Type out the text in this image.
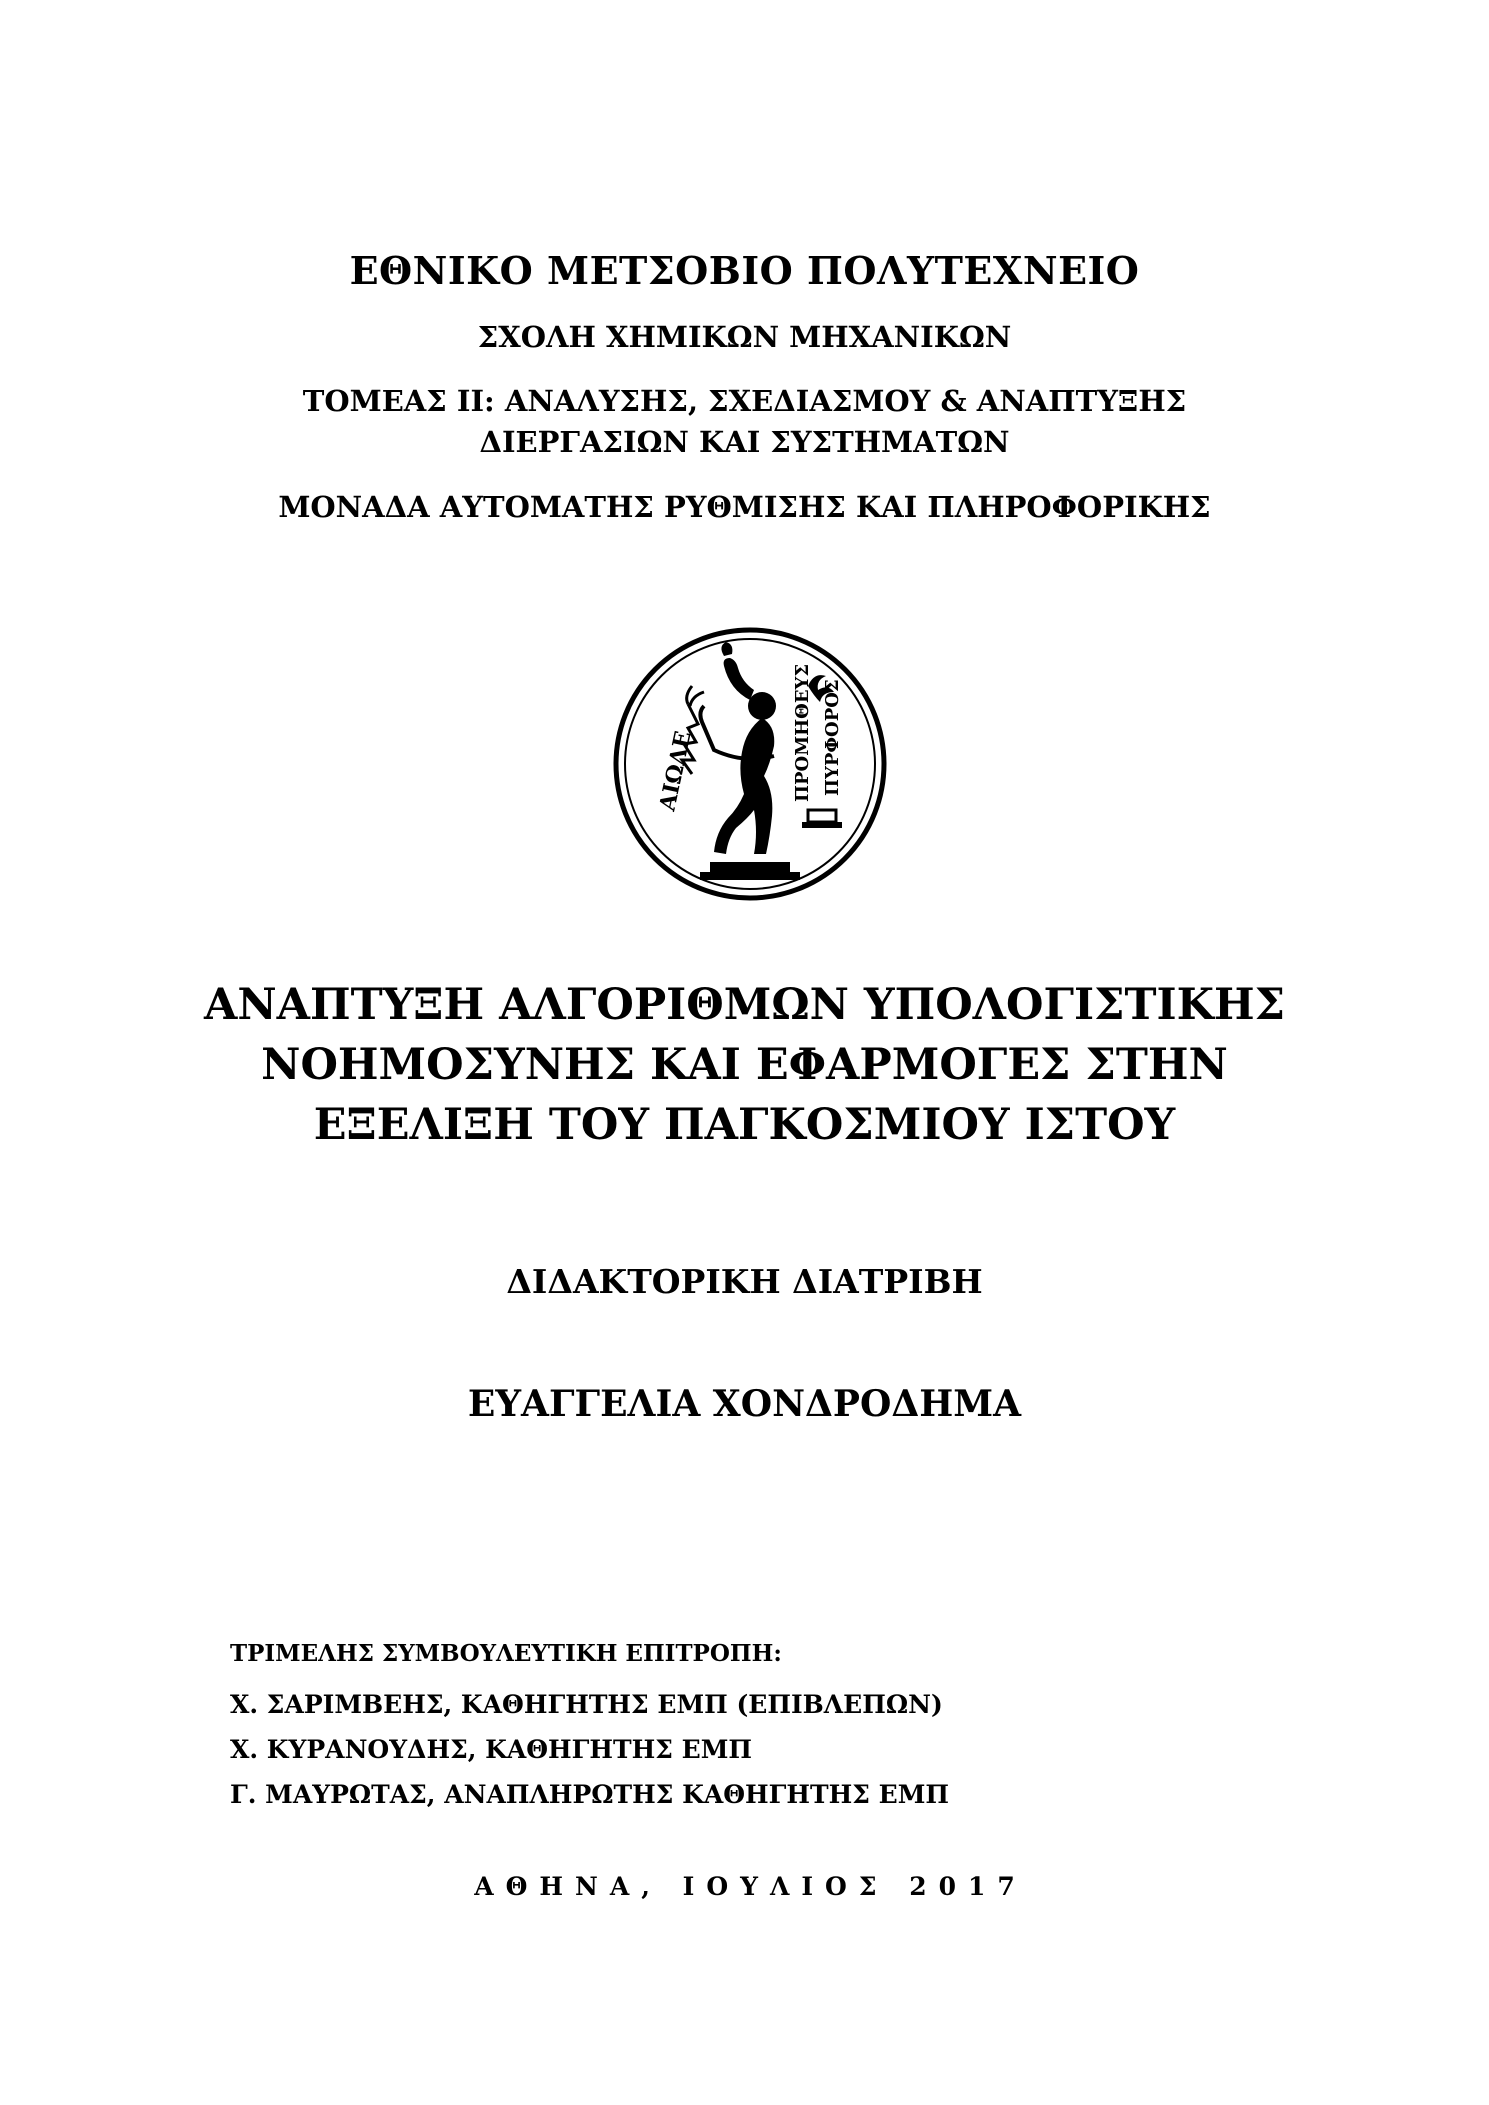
ΕΘΝΙΚΟ ΜΕΤΣΟΒΙΟ ΠΟΛΥΤΕΧΝΕΙΟ
ΣΧΟΛΗ ΧΗΜΙΚΩΝ ΜΗΧΑΝΙΚΩΝ
ΤΟΜΕΑΣ ΙΙ: ΑΝΑΛΥΣΗΣ, ΣΧΕΔΙΑΣΜΟΥ & ΑΝΑΠΤΥΞΗΣ
ΔΙΕΡΓΑΣΙΩΝ ΚΑΙ ΣΥΣΤΗΜΑΤΩΝ
ΜΟΝΑΔΑ ΑΥΤΟΜΑΤΗΣ ΡΥΘΜΙΣΗΣ ΚΑΙ ΠΛΗΡΟΦΟΡΙΚΗΣ
ΑΙΩΛΕ	ΠΡΟΜΗΘΕΥΣ ΠΥΡΦΟΡΟΣ
ΑΝΑΠΤΥΞΗ ΑΛΓΟΡΙΘΜΩΝ ΥΠΟΛΟΓΙΣΤΙΚΗΣ
ΝΟΗΜΟΣΥΝΗΣ ΚΑΙ ΕΦΑΡΜΟΓΕΣ ΣΤΗΝ
ΕΞΕΛΙΞΗ ΤΟΥ ΠΑΓΚΟΣΜΙΟΥ ΙΣΤΟΥ
ΔΙΔΑΚΤΟΡΙΚΗ ΔΙΑΤΡΙΒΗ
ΕΥΑΓΓΕΛΙΑ ΧΟΝΔΡΟΔΗΜΑ
ΤΡΙΜΕΛΗΣ ΣΥΜΒΟΥΛΕΥΤΙΚΗ ΕΠΙΤΡΟΠΗ:
Χ. ΣΑΡΙΜΒΕΗΣ, ΚΑΘΗΓΗΤΗΣ ΕΜΠ (ΕΠΙΒΛΕΠΩΝ)
Χ. ΚΥΡΑΝΟΥΔΗΣ, ΚΑΘΗΓΗΤΗΣ ΕΜΠ
Γ. ΜΑΥΡΩΤΑΣ, ΑΝΑΠΛΗΡΩΤΗΣ ΚΑΘΗΓΗΤΗΣ ΕΜΠ
ΑΘΗΝΑ, ΙΟΥΛΙΟΣ 2017
